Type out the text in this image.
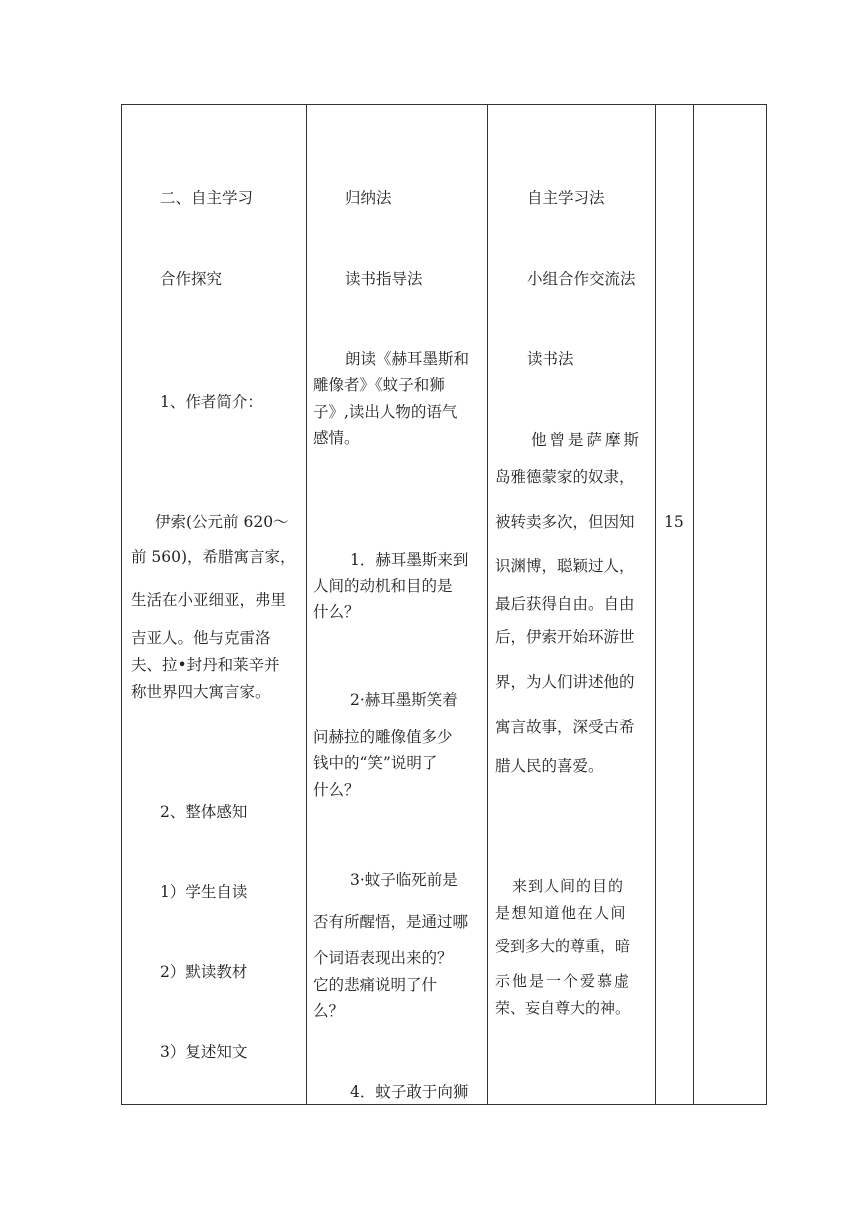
二、自主学习
合作探究
1、作者简介：
伊索(公元前 620～
前 560)，希腊寓言家，
生活在小亚细亚，弗里
吉亚人。他与克雷洛
夫、拉•封丹和莱辛并
称世界四大寓言家。
2、整体感知
1）学生自读
2）默读教材
3）复述知文
归纳法
读书指导法
朗读《赫耳墨斯和
雕像者》《蚊子和狮
子》,读出人物的语气
感情。
1．赫耳墨斯来到
人间的动机和目的是
什么？
2·赫耳墨斯笑着
问赫拉的雕像值多少
钱中的“笑”说明了
什么？
3·蚊子临死前是
否有所醒悟，是通过哪
个词语表现出来的？
它的悲痛说明了什
么？
4．蚊子敢于向狮
自主学习法
小组合作交流法
读书法
他曾是萨摩斯
岛雅德蒙家的奴隶，
被转卖多次，但因知
识渊博，聪颖过人，
最后获得自由。自由
后，伊索开始环游世
界，为人们讲述他的
寓言故事，深受古希
腊人民的喜爱。
来到人间的目的
是想知道他在人间
受到多大的尊重，暗
示他是一个爱慕虚
荣、妄自尊大的神。
15
